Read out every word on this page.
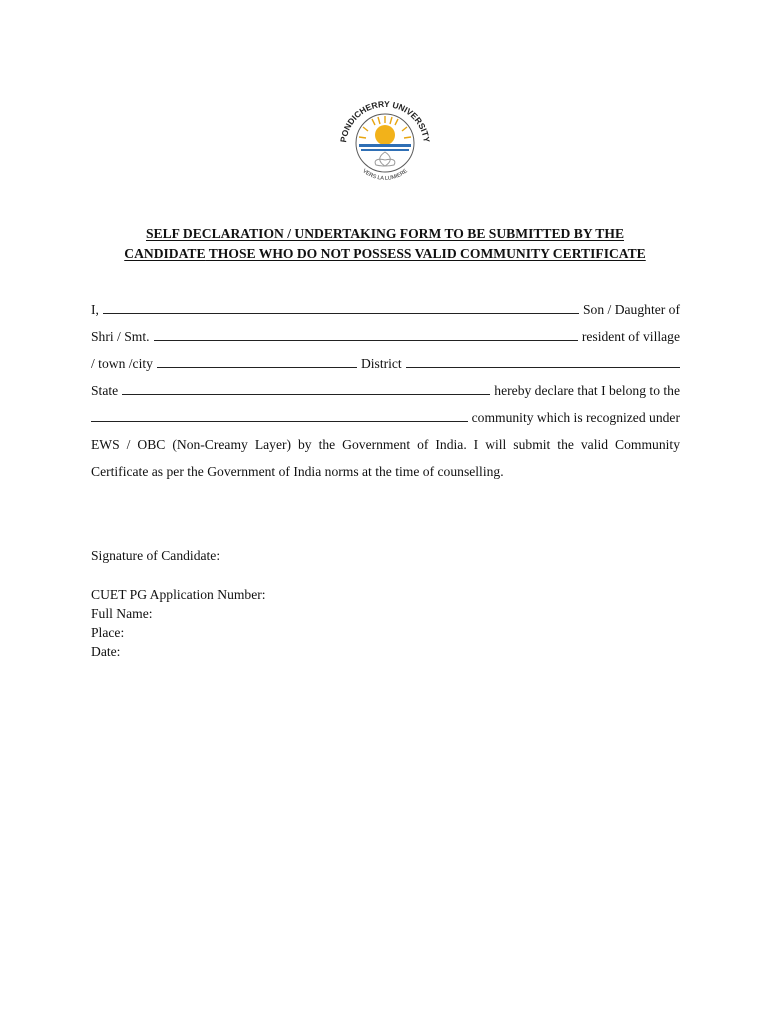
PONDICHERRY UNIVERSITY
VERS LA LUMIERE
SELF DECLARATION / UNDERTAKING FORM TO BE SUBMITTED BY THE
CANDIDATE THOSE WHO DO NOT POSSESS VALID COMMUNITY CERTIFICATE
I,	Son / Daughter of
Shri / Smt.	resident of village
/ town /city	District
State	hereby declare that I belong to the
community which is recognized under
EWS / OBC (Non-Creamy Layer) by the Government of India. I will submit the valid Community
Certificate as per the Government of India norms at the time of counselling.
Signature of Candidate:
CUET PG Application Number:
Full Name:
Place:
Date:
